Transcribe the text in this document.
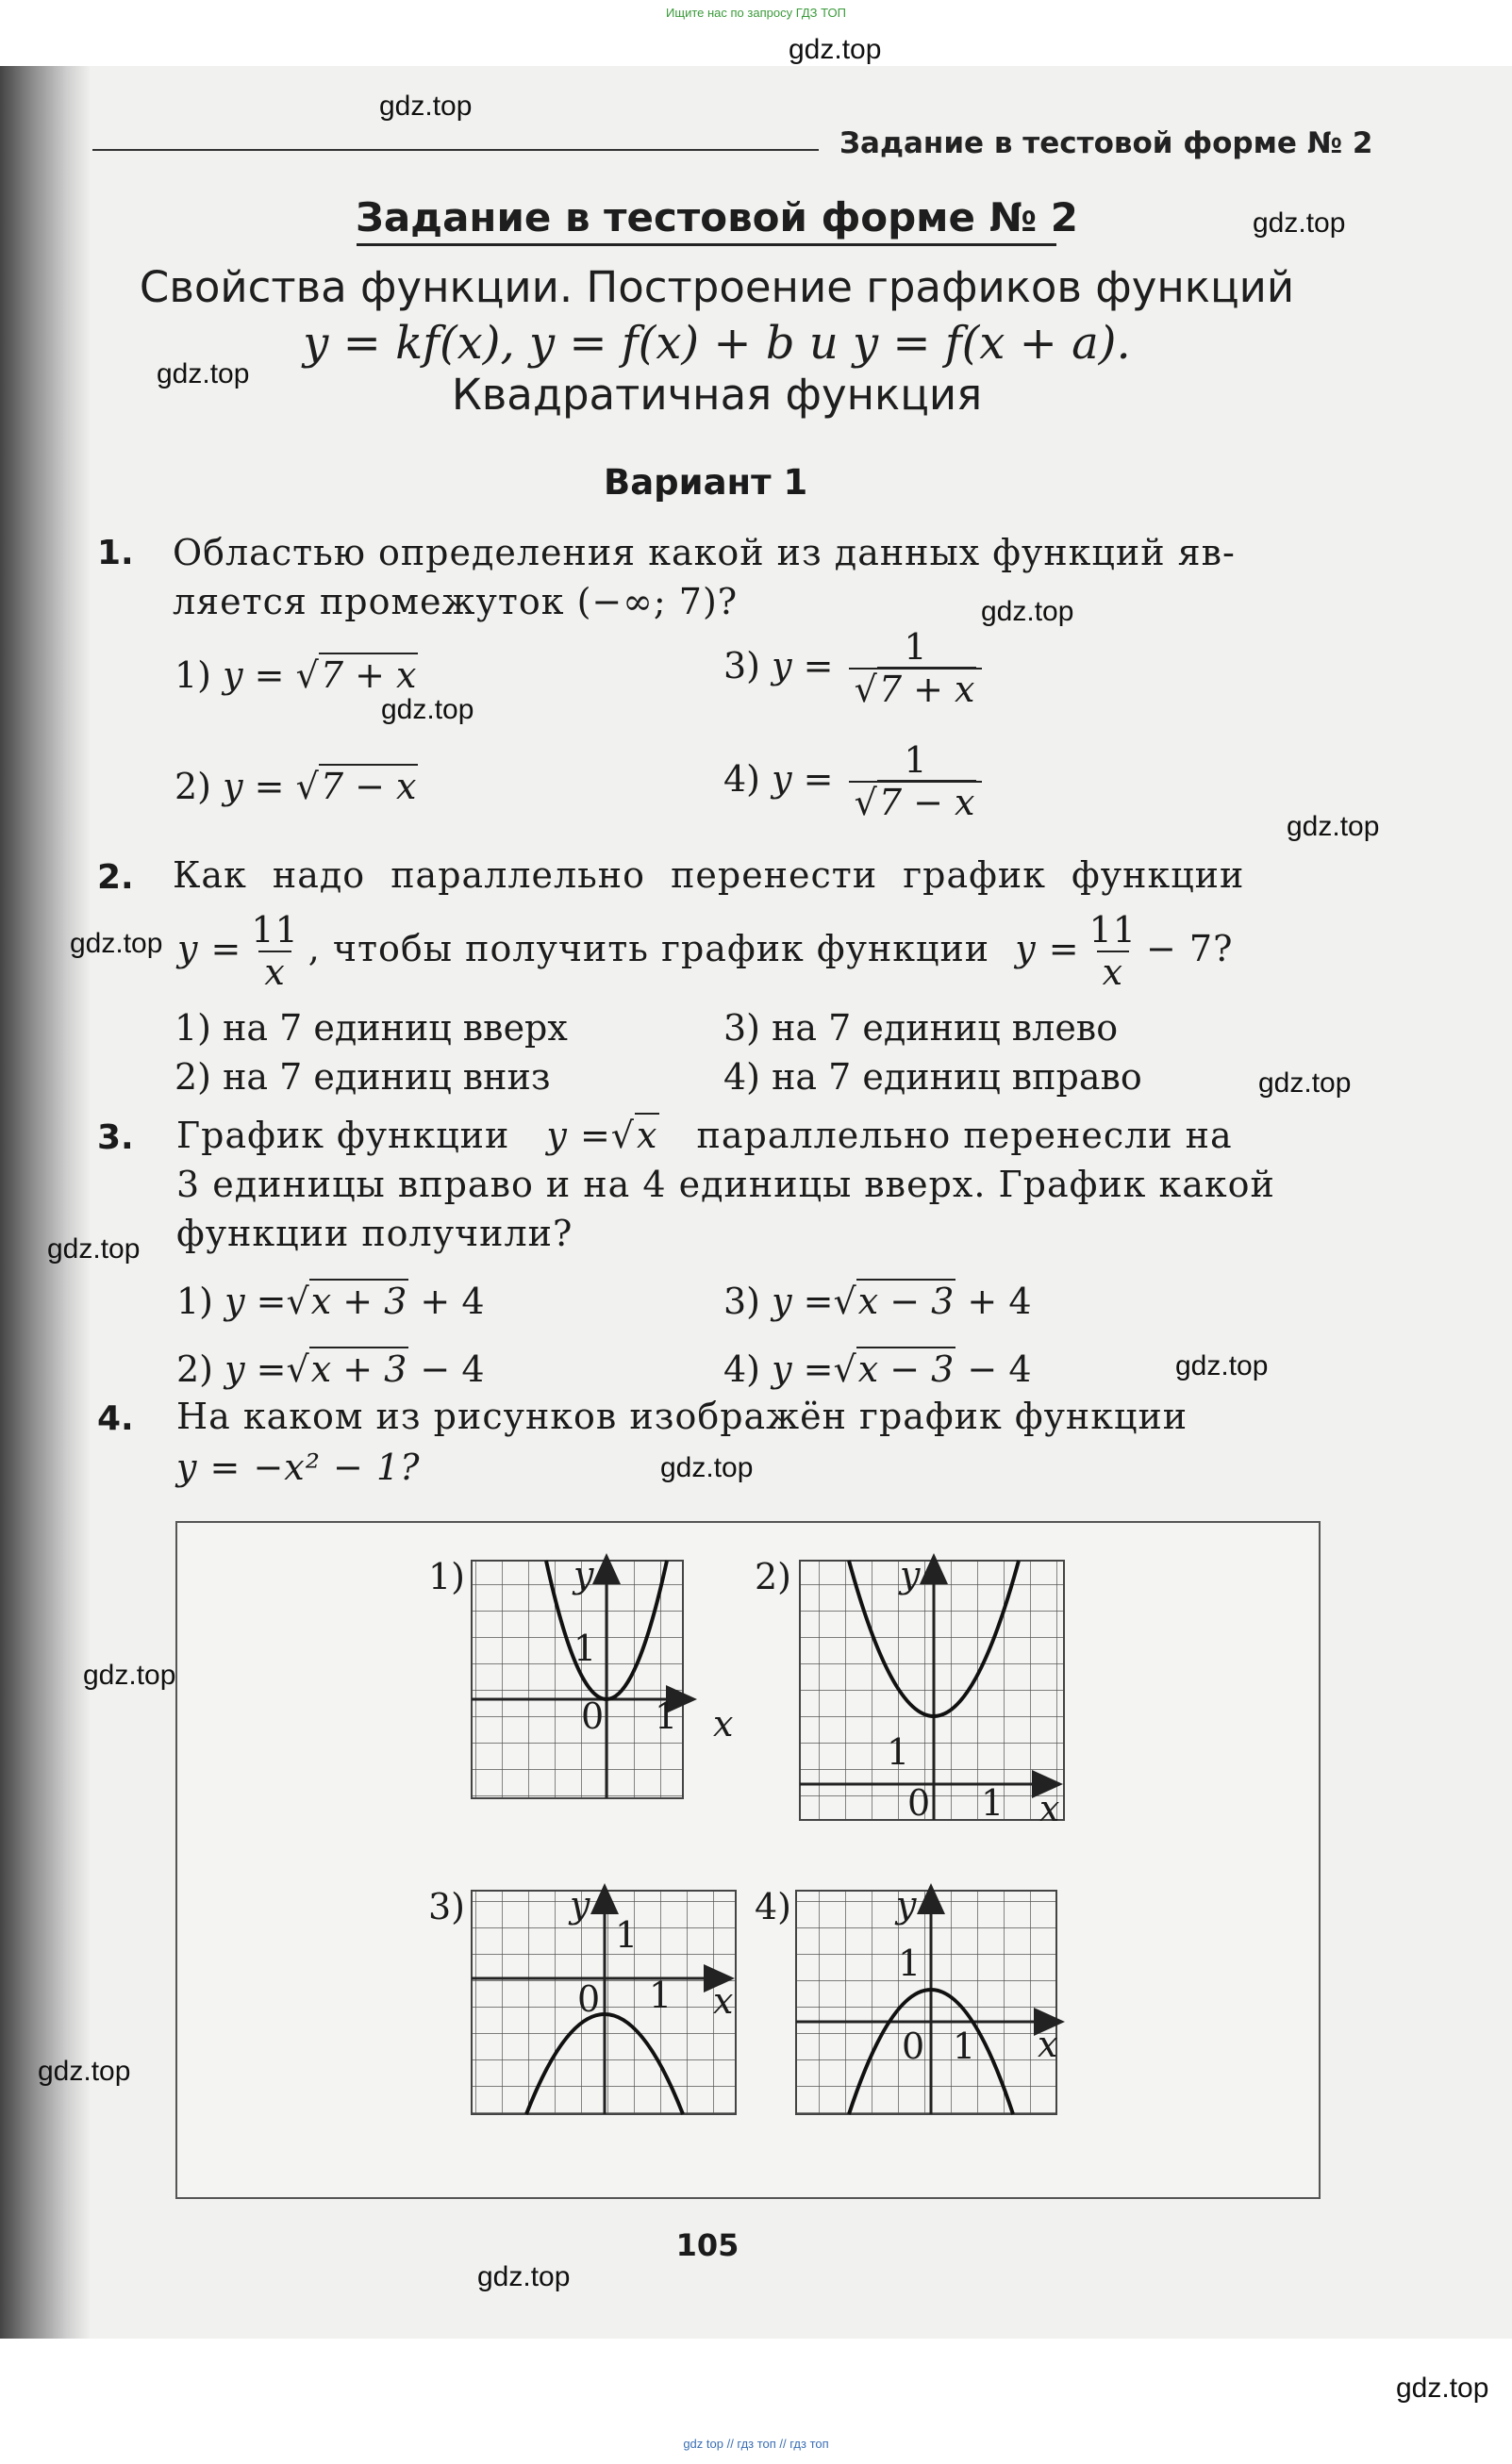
Ищите нас по запросу ГДЗ ТОП
gdz.top
gdz.top
gdz.top
gdz.top
gdz.top
gdz.top
gdz.top
gdz.top
gdz.top
gdz.top
gdz.top
gdz.top
gdz.top
gdz.top
gdz.top
gdz.top
Задание в тестовой форме № 2
Задание в тестовой форме № 2
Свойства функции. Построение графиков функций
y = kf(x), y = f(x) + b и y = f(x + a).
Квадратичная функция
Вариант 1
1. Областью определения какой из данных функций яв-
ляется промежуток (−∞; 7)?
1) y = √7 + x
2) y = √7 − x
3) $y = \frac{1}{√7 + x}$
4) $y = \frac{1}{√7 - x}$
2. Как надо параллельно перенести график функции
$y = \frac{11}{x}$ , чтобы получить график функции $y = \frac{11}{x} - 7$?
1) на 7 единиц вверх
2) на 7 единиц вниз
3) на 7 единиц влево
4) на 7 единиц вправо
3. График функции y =√x параллельно перенесли на
3 единицы вправо и на 4 единицы вверх. График какой
функции получили?
1) y =√x + 3 + 4
2) y =√x + 3 − 4
3) y =√x − 3 + 4
4) y =√x − 3 − 4
4. На каком из рисунков изображён график функции
y = −x² − 1?
1)	y
x
0 1
1
2)	y
x
0 1
1
3)	y
x
0 1
1
4)	y
x
0 1
1
105
gdz top // гдз топ // гдз топ
